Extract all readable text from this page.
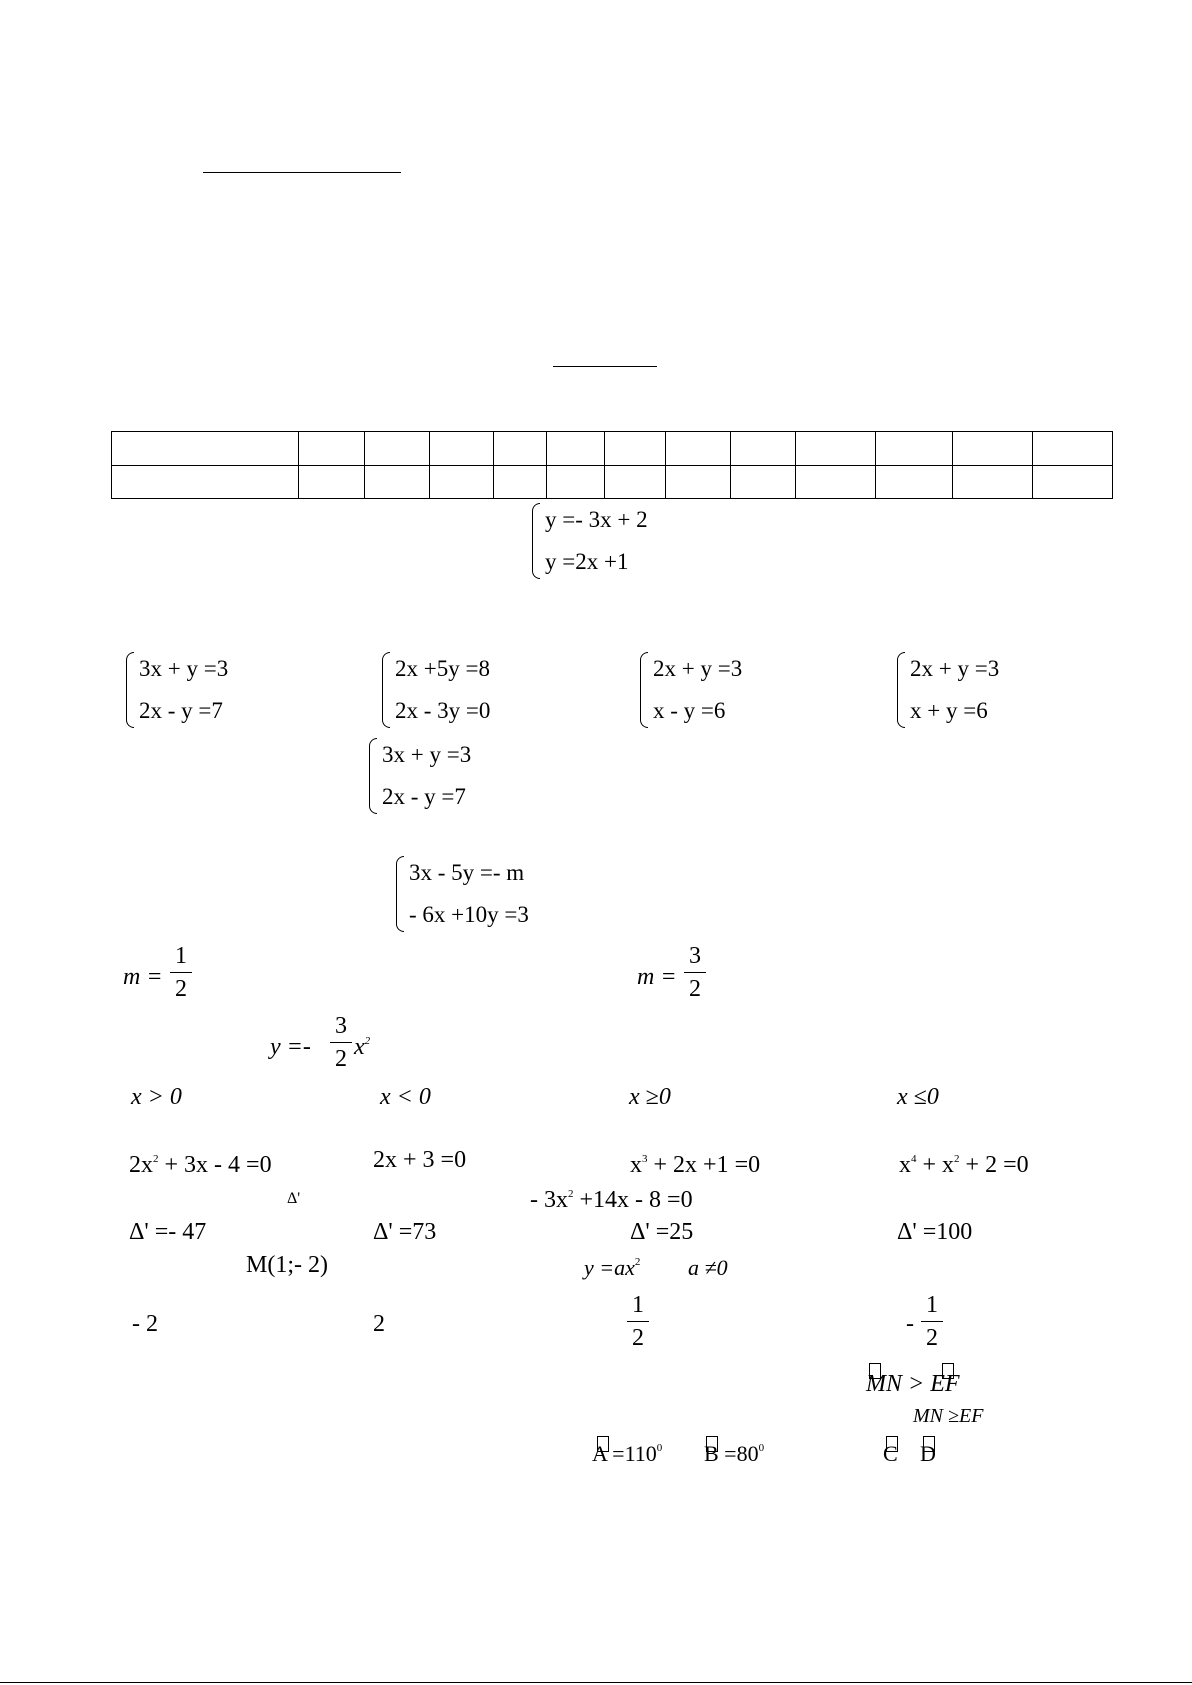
y =- 3x + 2
y =2x +1
3x + y =3
2x - y =7
2x +5y =8
2x - 3y =0
2x + y =3
x - y =6
2x + y =3
x + y =6
3x + y =3
2x - y =7
3x - 5y =- m
- 6x +10y =3
m =
1
2	m =
3
2
y =-
3
2 $x^2$
x > 0	x < 0	x ≥0	x ≤0
$2x^2 + 3x - 4 =0$	2x + 3 =0	$x^3 + 2x +1 =0$	$x^4 + x^2 + 2 =0$
Δ'	- $3x^2 +14x - 8 =0$
Δ' =- 47	Δ' =73	Δ' =25	Δ' =100
M(1;- 2)	$y =ax^2$ a ≠0
- 2	2
1
2
-
1
2
MN > EF
MN ≥EF
$A =110^0$ $B =80^0$	C D
